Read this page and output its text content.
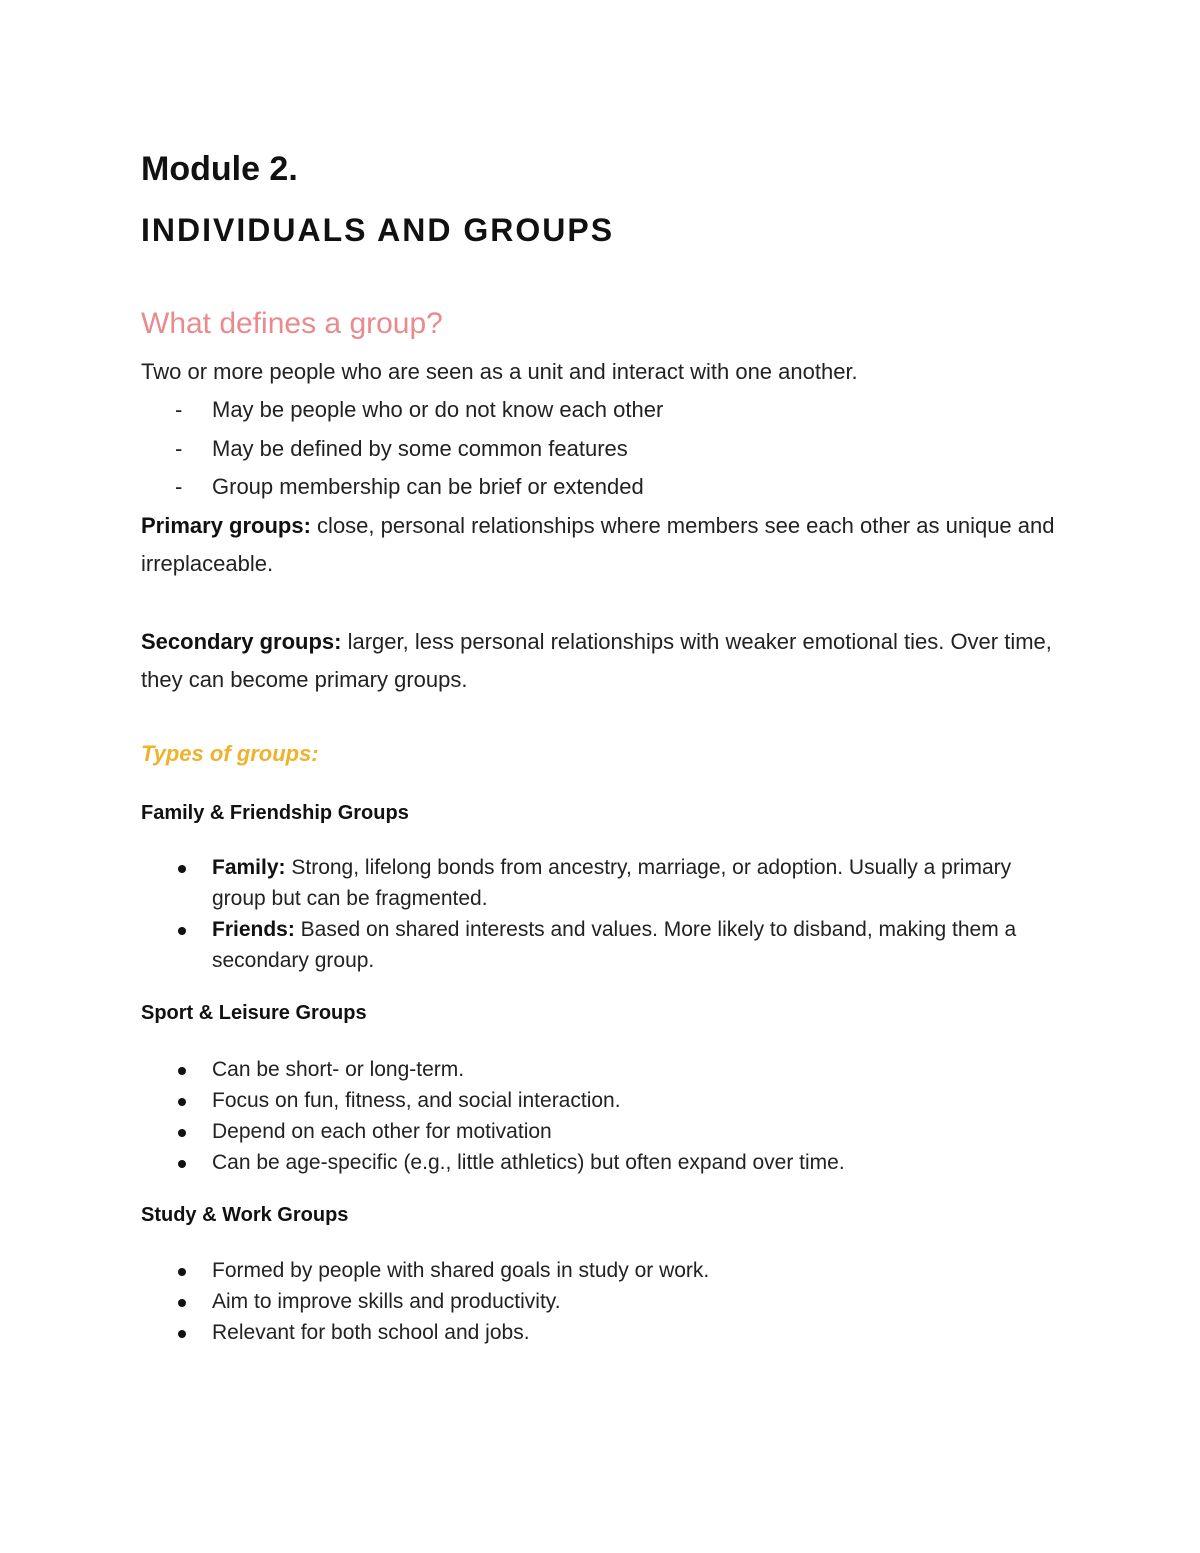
Module 2.
INDIVIDUALS AND GROUPS
What defines a group?

Two or more people who are seen as a unit and interact with one another.

- May be people who or do not know each other
- May be defined by some common features
- Group membership can be brief or extended

Primary groups: close, personal relationships where members see each other as unique and irreplaceable.

Secondary groups: larger, less personal relationships with weaker emotional ties. Over time, they can become primary groups.

Types of groups:
Family & Friendship Groups
Family: Strong, lifelong bonds from ancestry, marriage, or adoption. Usually a primary group but can be fragmented.
Friends: Based on shared interests and values. More likely to disband, making them a secondary group.
Sport & Leisure Groups
Can be short- or long-term.
Focus on fun, fitness, and social interaction.
Depend on each other for motivation
Can be age-specific (e.g., little athletics) but often expand over time.
Study & Work Groups
Formed by people with shared goals in study or work.
Aim to improve skills and productivity.
Relevant for both school and jobs.
